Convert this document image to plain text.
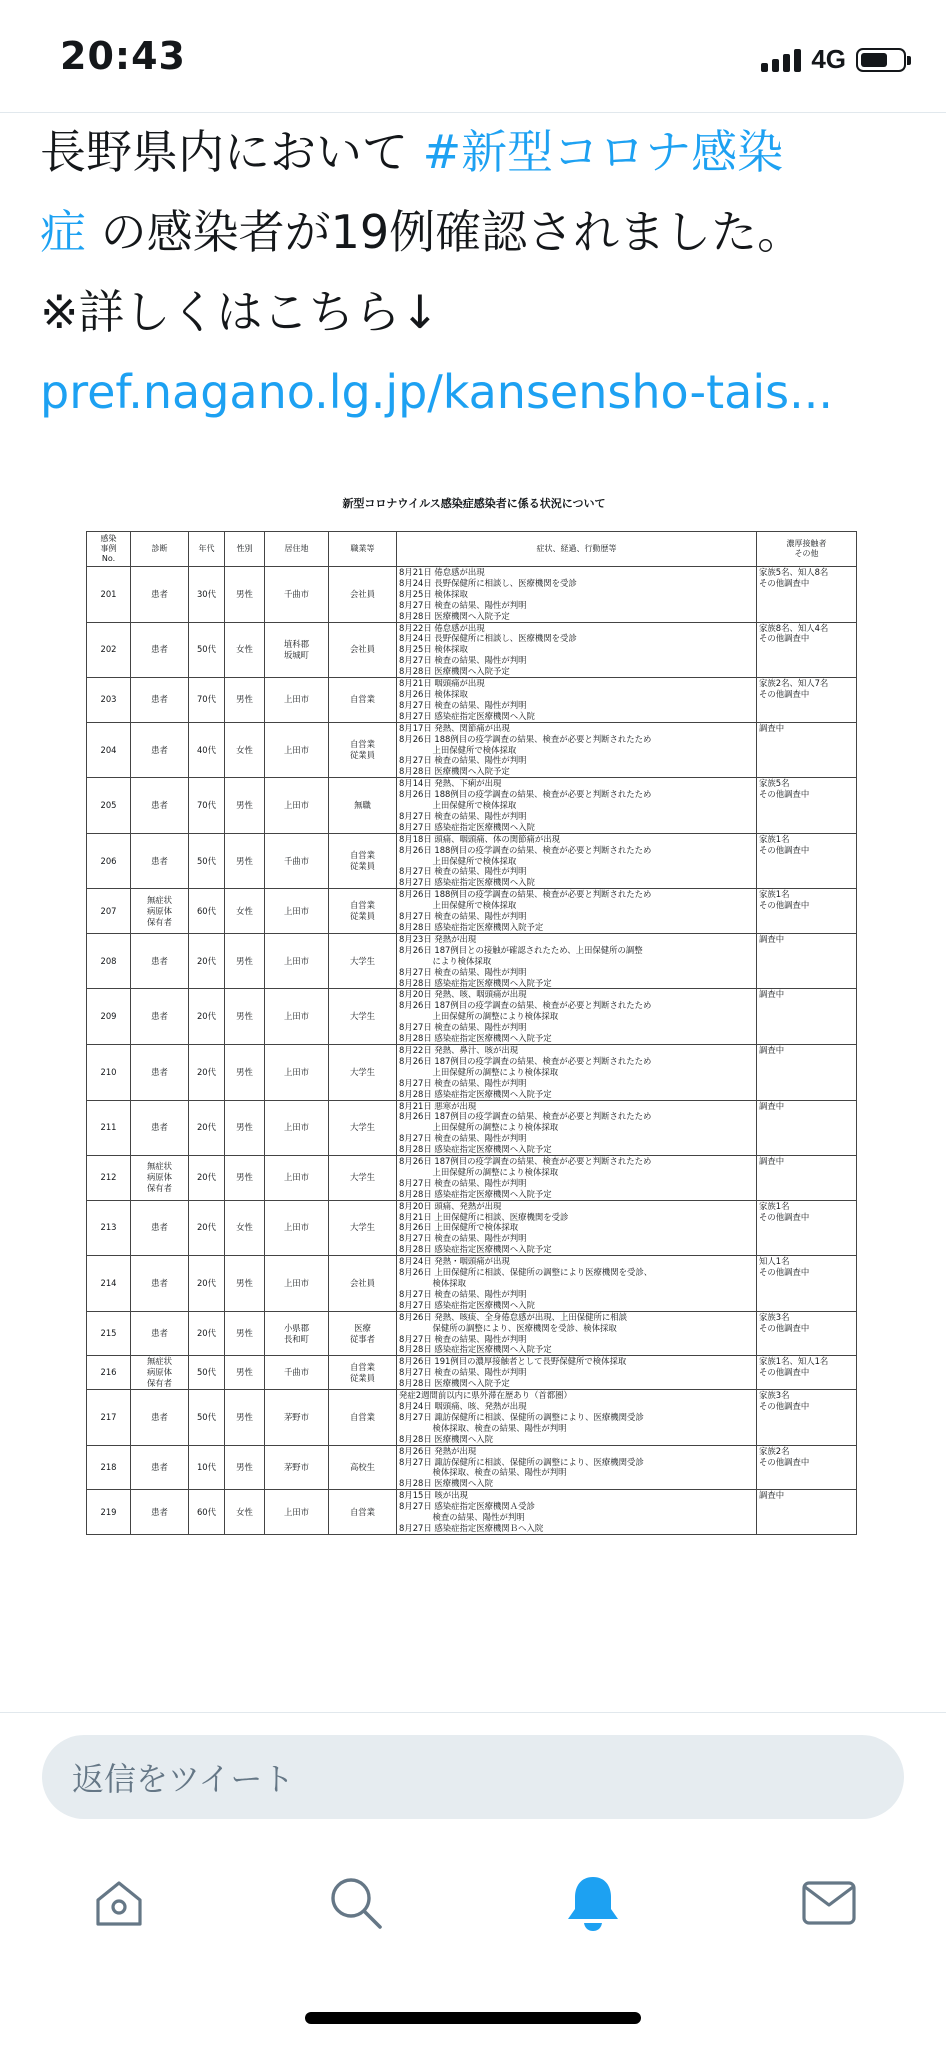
20:43	4G
長野県内において #新型コロナ感染
症 の感染者が19例確認されました。
※詳しくはこちら↓
pref.nagano.lg.jp/kansensho-tais...
新型コロナウイルス感染症感染者に係る状況について
感染
事例
No.	診断	年代	性別	居住地	職業等	症状、経過、行動歴等	濃厚接触者
その他
201	患者	30代	男性	千曲市	会社員	8月21日 倦怠感が出現
8月24日 長野保健所に相談し、医療機関を受診
8月25日 検体採取
8月27日 検査の結果、陽性が判明
8月28日 医療機関へ入院予定	家族5名、知人8名
その他調査中
202	患者	50代	女性	埴科郡
坂城町	会社員	8月22日 倦怠感が出現
8月24日 長野保健所に相談し、医療機関を受診
8月25日 検体採取
8月27日 検査の結果、陽性が判明
8月28日 医療機関へ入院予定	家族8名、知人4名
その他調査中
203	患者	70代	男性	上田市	自営業	8月21日 咽頭痛が出現
8月26日 検体採取
8月27日 検査の結果、陽性が判明
8月27日 感染症指定医療機関へ入院	家族2名、知人7名
その他調査中
204	患者	40代	女性	上田市	自営業
従業員	8月17日 発熱、関節痛が出現
8月26日 188例目の疫学調査の結果、検査が必要と判断されたため
　　　　上田保健所で検体採取
8月27日 検査の結果、陽性が判明
8月28日 医療機関へ入院予定	調査中
205	患者	70代	男性	上田市	無職	8月14日 発熱、下痢が出現
8月26日 188例目の疫学調査の結果、検査が必要と判断されたため
　　　　上田保健所で検体採取
8月27日 検査の結果、陽性が判明
8月27日 感染症指定医療機関へ入院	家族5名
その他調査中
206	患者	50代	男性	千曲市	自営業
従業員	8月18日 頭痛、咽頭痛、体の関節痛が出現
8月26日 188例目の疫学調査の結果、検査が必要と判断されたため
　　　　上田保健所で検体採取
8月27日 検査の結果、陽性が判明
8月27日 感染症指定医療機関へ入院	家族1名
その他調査中
207	無症状
病原体
保有者	60代	女性	上田市	自営業
従業員	8月26日 188例目の疫学調査の結果、検査が必要と判断されたため
　　　　上田保健所で検体採取
8月27日 検査の結果、陽性が判明
8月28日 感染症指定医療機関入院予定	家族1名
その他調査中
208	患者	20代	男性	上田市	大学生	8月23日 発熱が出現
8月26日 187例目との接触が確認されたため、上田保健所の調整
　　　　により検体採取
8月27日 検査の結果、陽性が判明
8月28日 感染症指定医療機関へ入院予定	調査中
209	患者	20代	男性	上田市	大学生	8月20日 発熱、咳、咽頭痛が出現
8月26日 187例目の疫学調査の結果、検査が必要と判断されたため
　　　　上田保健所の調整により検体採取
8月27日 検査の結果、陽性が判明
8月28日 感染症指定医療機関へ入院予定	調査中
210	患者	20代	男性	上田市	大学生	8月22日 発熱、鼻汁、咳が出現
8月26日 187例目の疫学調査の結果、検査が必要と判断されたため
　　　　上田保健所の調整により検体採取
8月27日 検査の結果、陽性が判明
8月28日 感染症指定医療機関へ入院予定	調査中
211	患者	20代	男性	上田市	大学生	8月21日 悪寒が出現
8月26日 187例目の疫学調査の結果、検査が必要と判断されたため
　　　　上田保健所の調整により検体採取
8月27日 検査の結果、陽性が判明
8月28日 感染症指定医療機関へ入院予定	調査中
212	無症状
病原体
保有者	20代	男性	上田市	大学生	8月26日 187例目の疫学調査の結果、検査が必要と判断されたため
　　　　上田保健所の調整により検体採取
8月27日 検査の結果、陽性が判明
8月28日 感染症指定医療機関へ入院予定	調査中
213	患者	20代	女性	上田市	大学生	8月20日 頭痛、発熱が出現
8月21日 上田保健所に相談、医療機関を受診
8月26日 上田保健所で検体採取
8月27日 検査の結果、陽性が判明
8月28日 感染症指定医療機関へ入院予定	家族1名
その他調査中
214	患者	20代	男性	上田市	会社員	8月24日 発熱・咽頭痛が出現
8月26日 上田保健所に相談、保健所の調整により医療機関を受診、
　　　　検体採取
8月27日 検査の結果、陽性が判明
8月27日 感染症指定医療機関へ入院	知人1名
その他調査中
215	患者	20代	男性	小県郡
長和町	医療
従事者	8月26日 発熱、咳痰、全身倦怠感が出現、上田保健所に相談
　　　　保健所の調整により、医療機関を受診、検体採取
8月27日 検査の結果、陽性が判明
8月28日 感染症指定医療機関へ入院予定	家族3名
その他調査中
216	無症状
病原体
保有者	50代	男性	千曲市	自営業
従業員	8月26日 191例目の濃厚接触者として長野保健所で検体採取
8月27日 検査の結果、陽性が判明
8月28日 医療機関へ入院予定	家族1名、知人1名
その他調査中
217	患者	50代	男性	茅野市	自営業	発症2週間前以内に県外滞在歴あり（首都圏）
8月24日 咽頭痛、咳、発熱が出現
8月27日 諏訪保健所に相談、保健所の調整により、医療機関受診
　　　　検体採取、検査の結果、陽性が判明
8月28日 医療機関へ入院	家族3名
その他調査中
218	患者	10代	男性	茅野市	高校生	8月26日 発熱が出現
8月27日 諏訪保健所に相談、保健所の調整により、医療機関受診
　　　　検体採取、検査の結果、陽性が判明
8月28日 医療機関へ入院	家族2名
その他調査中
219	患者	60代	女性	上田市	自営業	8月15日 咳が出現
8月27日 感染症指定医療機関Ａ受診
　　　　検査の結果、陽性が判明
8月27日 感染症指定医療機関Ｂへ入院	調査中
返信をツイート
